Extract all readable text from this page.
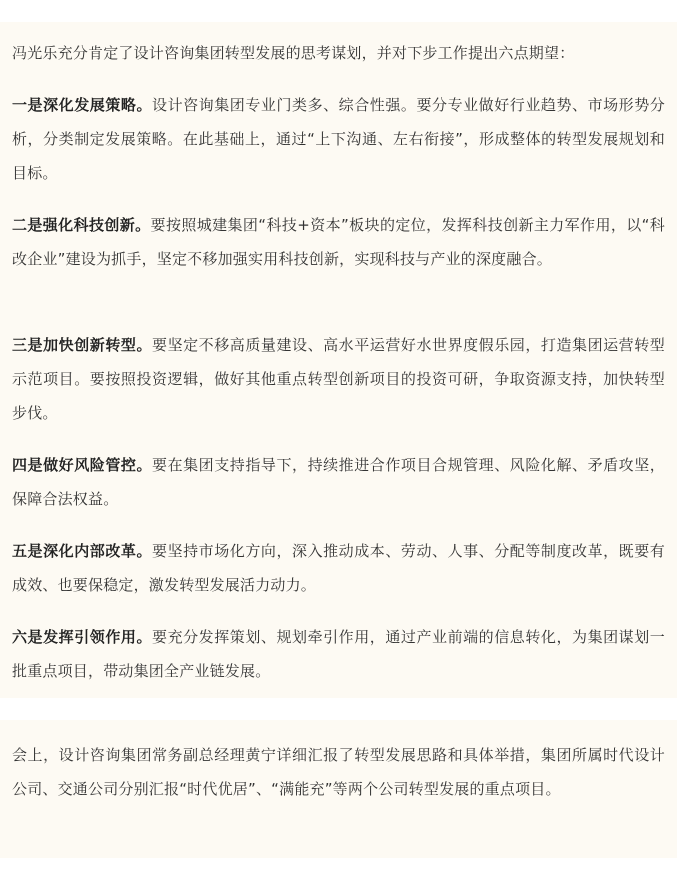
冯光乐充分肯定了设计咨询集团转型发展的思考谋划，并对下步工作提出六点期望：

一是深化发展策略。设计咨询集团专业门类多、综合性强。要分专业做好行业趋势、市场形势分析，分类制定发展策略。在此基础上，通过“上下沟通、左右衔接”，形成整体的转型发展规划和目标。

二是强化科技创新。要按照城建集团“科技+资本”板块的定位，发挥科技创新主力军作用，以“科改企业”建设为抓手，坚定不移加强实用科技创新，实现科技与产业的深度融合。

三是加快创新转型。要坚定不移高质量建设、高水平运营好水世界度假乐园，打造集团运营转型示范项目。要按照投资逻辑，做好其他重点转型创新项目的投资可研，争取资源支持，加快转型步伐。

四是做好风险管控。要在集团支持指导下，持续推进合作项目合规管理、风险化解、矛盾攻坚，保障合法权益。

五是深化内部改革。要坚持市场化方向，深入推动成本、劳动、人事、分配等制度改革，既要有成效、也要保稳定，激发转型发展活力动力。

六是发挥引领作用。要充分发挥策划、规划牵引作用，通过产业前端的信息转化，为集团谋划一批重点项目，带动集团全产业链发展。

会上，设计咨询集团常务副总经理黄宁详细汇报了转型发展思路和具体举措，集团所属时代设计公司、交通公司分别汇报“时代优居”、“满能充”等两个公司转型发展的重点项目。
